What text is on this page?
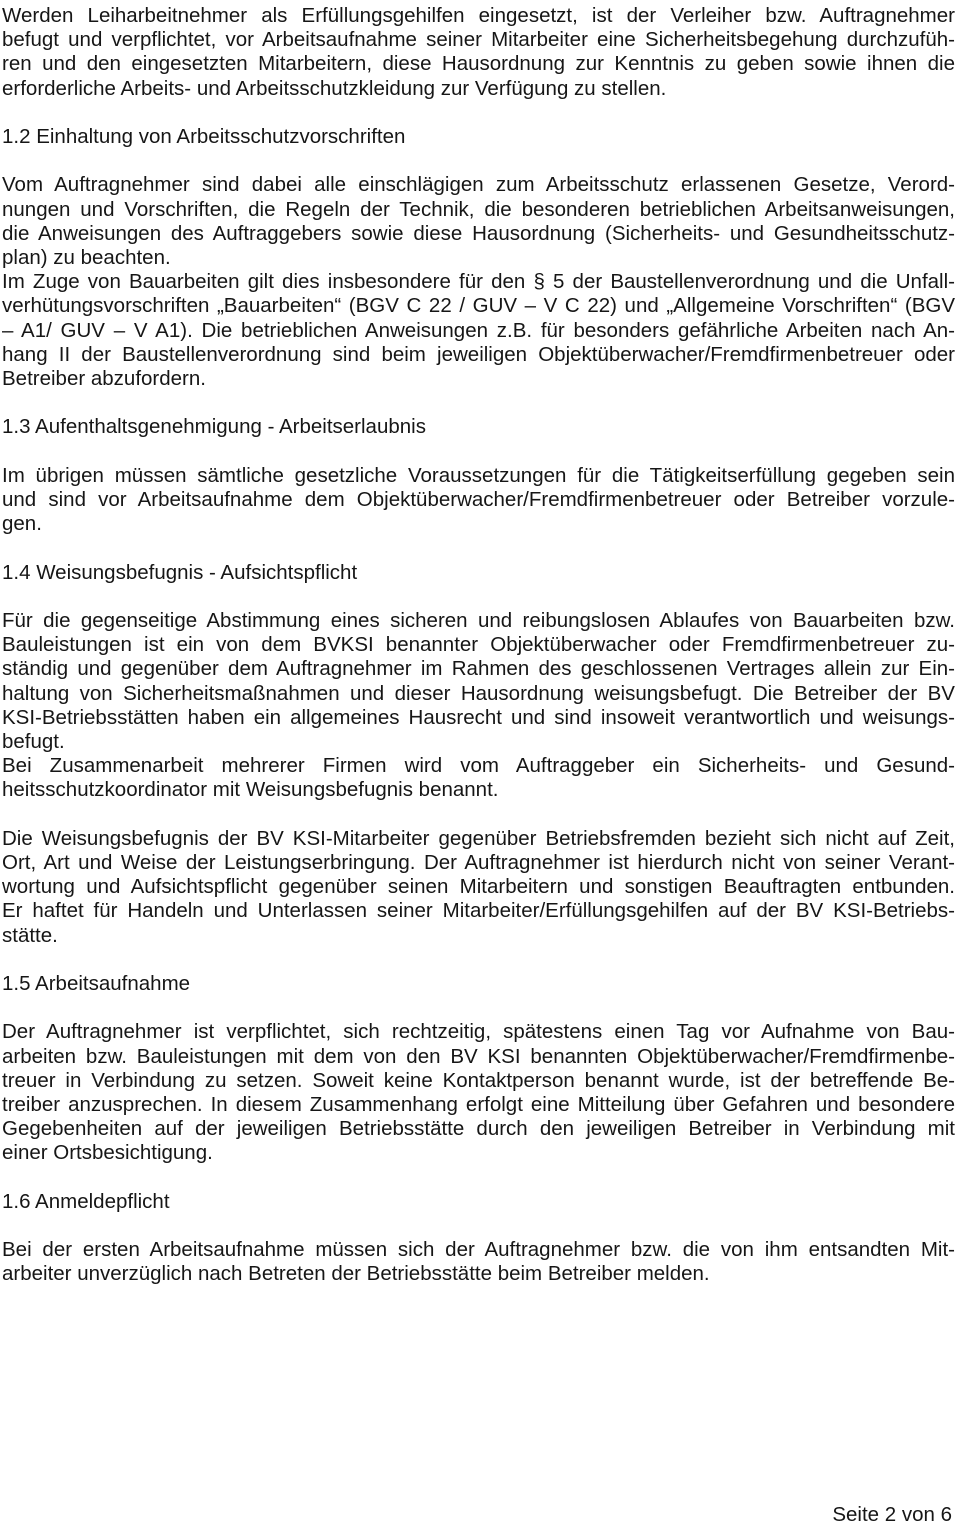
Werden Leiharbeitnehmer als Erfüllungsgehilfen eingesetzt, ist der Verleiher bzw. Auftragnehmer
befugt und verpflichtet, vor Arbeitsaufnahme seiner Mitarbeiter eine Sicherheitsbegehung durchzufüh-
ren und den eingesetzten Mitarbeitern, diese Hausordnung zur Kenntnis zu geben sowie ihnen die
erforderliche Arbeits- und Arbeitsschutzkleidung zur Verfügung zu stellen.
1.2 Einhaltung von Arbeitsschutzvorschriften
Vom Auftragnehmer sind dabei alle einschlägigen zum Arbeitsschutz erlassenen Gesetze, Verord-
nungen und Vorschriften, die Regeln der Technik, die besonderen betrieblichen Arbeitsanweisungen,
die Anweisungen des Auftraggebers sowie diese Hausordnung (Sicherheits- und Gesundheitsschutz-
plan) zu beachten.
Im Zuge von Bauarbeiten gilt dies insbesondere für den § 5 der Baustellenverordnung und die Unfall-
verhütungsvorschriften „Bauarbeiten“ (BGV C 22 / GUV – V C 22) und „Allgemeine Vorschriften“ (BGV
– A1/ GUV – V A1). Die betrieblichen Anweisungen z.B. für besonders gefährliche Arbeiten nach An-
hang II der Baustellenverordnung sind beim jeweiligen Objektüberwacher/Fremdfirmenbetreuer oder
Betreiber abzufordern.
1.3 Aufenthaltsgenehmigung - Arbeitserlaubnis
Im übrigen müssen sämtliche gesetzliche Voraussetzungen für die Tätigkeitserfüllung gegeben sein
und sind vor Arbeitsaufnahme dem Objektüberwacher/Fremdfirmenbetreuer oder Betreiber vorzule-
gen.
1.4 Weisungsbefugnis - Aufsichtspflicht
Für die gegenseitige Abstimmung eines sicheren und reibungslosen Ablaufes von Bauarbeiten bzw.
Bauleistungen ist ein von dem BVKSI benannter Objektüberwacher oder Fremdfirmenbetreuer zu-
ständig und gegenüber dem Auftragnehmer im Rahmen des geschlossenen Vertrages allein zur Ein-
haltung von Sicherheitsmaßnahmen und dieser Hausordnung weisungsbefugt. Die Betreiber der BV
KSI-Betriebsstätten haben ein allgemeines Hausrecht und sind insoweit verantwortlich und weisungs-
befugt.
Bei Zusammenarbeit mehrerer Firmen wird vom Auftraggeber ein Sicherheits- und Gesund-
heitsschutzkoordinator mit Weisungsbefugnis benannt.
Die Weisungsbefugnis der BV KSI-Mitarbeiter gegenüber Betriebsfremden bezieht sich nicht auf Zeit,
Ort, Art und Weise der Leistungserbringung. Der Auftragnehmer ist hierdurch nicht von seiner Verant-
wortung und Aufsichtspflicht gegenüber seinen Mitarbeitern und sonstigen Beauftragten entbunden.
Er haftet für Handeln und Unterlassen seiner Mitarbeiter/Erfüllungsgehilfen auf der BV KSI-Betriebs-
stätte.
1.5 Arbeitsaufnahme
Der Auftragnehmer ist verpflichtet, sich rechtzeitig, spätestens einen Tag vor Aufnahme von Bau-
arbeiten bzw. Bauleistungen mit dem von den BV KSI benannten Objektüberwacher/Fremdfirmenbe-
treuer in Verbindung zu setzen. Soweit keine Kontaktperson benannt wurde, ist der betreffende Be-
treiber anzusprechen. In diesem Zusammenhang erfolgt eine Mitteilung über Gefahren und besondere
Gegebenheiten auf der jeweiligen Betriebsstätte durch den jeweiligen Betreiber in Verbindung mit
einer Ortsbesichtigung.
1.6 Anmeldepflicht
Bei der ersten Arbeitsaufnahme müssen sich der Auftragnehmer bzw. die von ihm entsandten Mit-
arbeiter unverzüglich nach Betreten der Betriebsstätte beim Betreiber melden.
Seite 2 von 6
